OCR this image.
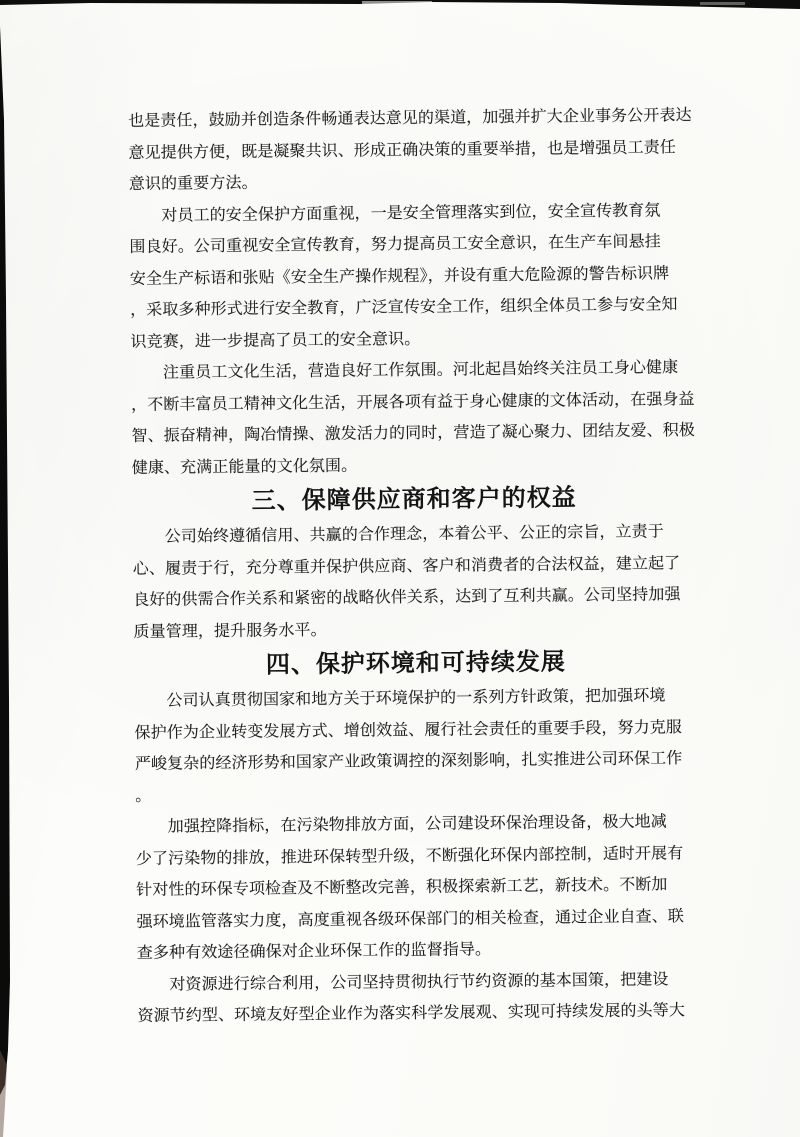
也是责任，鼓励并创造条件畅通表达意见的渠道，加强并扩大企业事务公开表达
意见提供方便，既是凝聚共识、形成正确决策的重要举措，也是增强员工责任
意识的重要方法。

　　对员工的安全保护方面重视，一是安全管理落实到位，安全宣传教育氛
围良好。公司重视安全宣传教育，努力提高员工安全意识，在生产车间悬挂
安全生产标语和张贴《安全生产操作规程》，并设有重大危险源的警告标识牌
，采取多种形式进行安全教育，广泛宣传安全工作，组织全体员工参与安全知
识竞赛，进一步提高了员工的安全意识。

　　注重员工文化生活，营造良好工作氛围。河北起昌始终关注员工身心健康
，不断丰富员工精神文化生活，开展各项有益于身心健康的文体活动，在强身益
智、振奋精神，陶冶情操、激发活力的同时，营造了凝心聚力、团结友爱、积极
健康、充满正能量的文化氛围。

三、保障供应商和客户的权益

　　公司始终遵循信用、共赢的合作理念，本着公平、公正的宗旨，立责于
心、履责于行，充分尊重并保护供应商、客户和消费者的合法权益，建立起了
良好的供需合作关系和紧密的战略伙伴关系，达到了互利共赢。公司坚持加强
质量管理，提升服务水平。

四、保护环境和可持续发展

　　公司认真贯彻国家和地方关于环境保护的一系列方针政策，把加强环境
保护作为企业转变发展方式、增创效益、履行社会责任的重要手段，努力克服
严峻复杂的经济形势和国家产业政策调控的深刻影响，扎实推进公司环保工作
。

　　加强控降指标，在污染物排放方面，公司建设环保治理设备，极大地减
少了污染物的排放，推进环保转型升级，不断强化环保内部控制，适时开展有
针对性的环保专项检查及不断整改完善，积极探索新工艺，新技术。不断加
强环境监管落实力度，高度重视各级环保部门的相关检查，通过企业自查、联
查多种有效途径确保对企业环保工作的监督指导。

　　对资源进行综合利用，公司坚持贯彻执行节约资源的基本国策，把建设
资源节约型、环境友好型企业作为落实科学发展观、实现可持续发展的头等大
